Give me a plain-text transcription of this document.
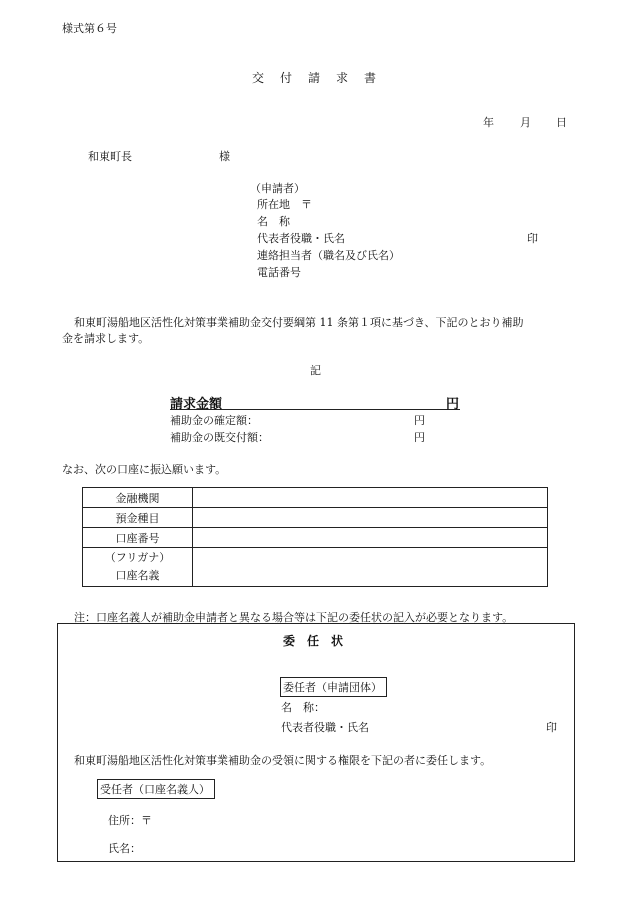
様式第６号
交　付　請　求　書
年 月 日
和東町長	様
（申請者）
所在地　〒
名　称
代表者役職・氏名	印
連絡担当者（職名及び氏名）
電話番号
和東町湯船地区活性化対策事業補助金交付要綱第 11 条第１項に基づき、下記のとおり補助
金を請求します。
記
請求金額	円
補助金の確定額：	円
補助金の既交付額：	円
なお、次の口座に振込願います。
金融機関	
預金種目	
口座番号	

（フリガナ）
口座名義	

注：口座名義人が補助金申請者と異なる場合等は下記の委任状の記入が必要となります。
委　任　状
委任者（申請団体）
名　称：
代表者役職・氏名	印
和東町湯船地区活性化対策事業補助金の受領に関する権限を下記の者に委任します。
受任者（口座名義人）
住所：〒
氏名：
